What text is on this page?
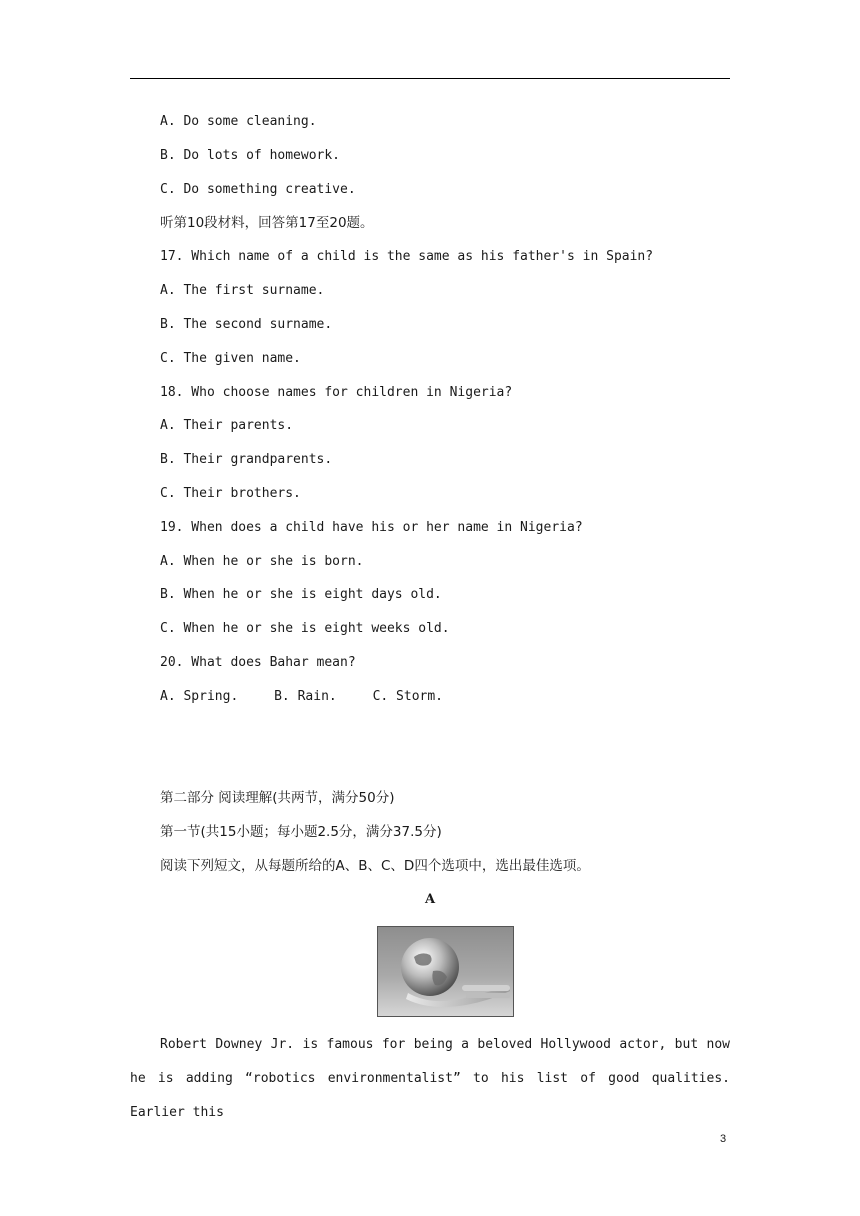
A. Do some cleaning.
B. Do lots of homework.
C. Do something creative.
听第10段材料，回答第17至20题。
17. Which name of a child is the same as his father's in Spain?
A. The first surname.
B. The second surname.
C. The given name.
18. Who choose names for children in Nigeria?
A. Their parents.
B. Their grandparents.
C. Their brothers.
19. When does a child have his or her name in Nigeria?
A. When he or she is born.
B. When he or she is eight days old.
C. When he or she is eight weeks old.
20. What does Bahar mean?
A. Spring.	B. Rain.	C. Storm.
第二部分 阅读理解(共两节，满分50分)
第一节(共15小题；每小题2.5分，满分37.5分)
阅读下列短文，从每题所给的A、B、C、D四个选项中，选出最佳选项。
A
Robert Downey Jr. is famous for being a beloved Hollywood actor, but now he is adding “robotics environmentalist” to his list of good qualities. Earlier this
3
